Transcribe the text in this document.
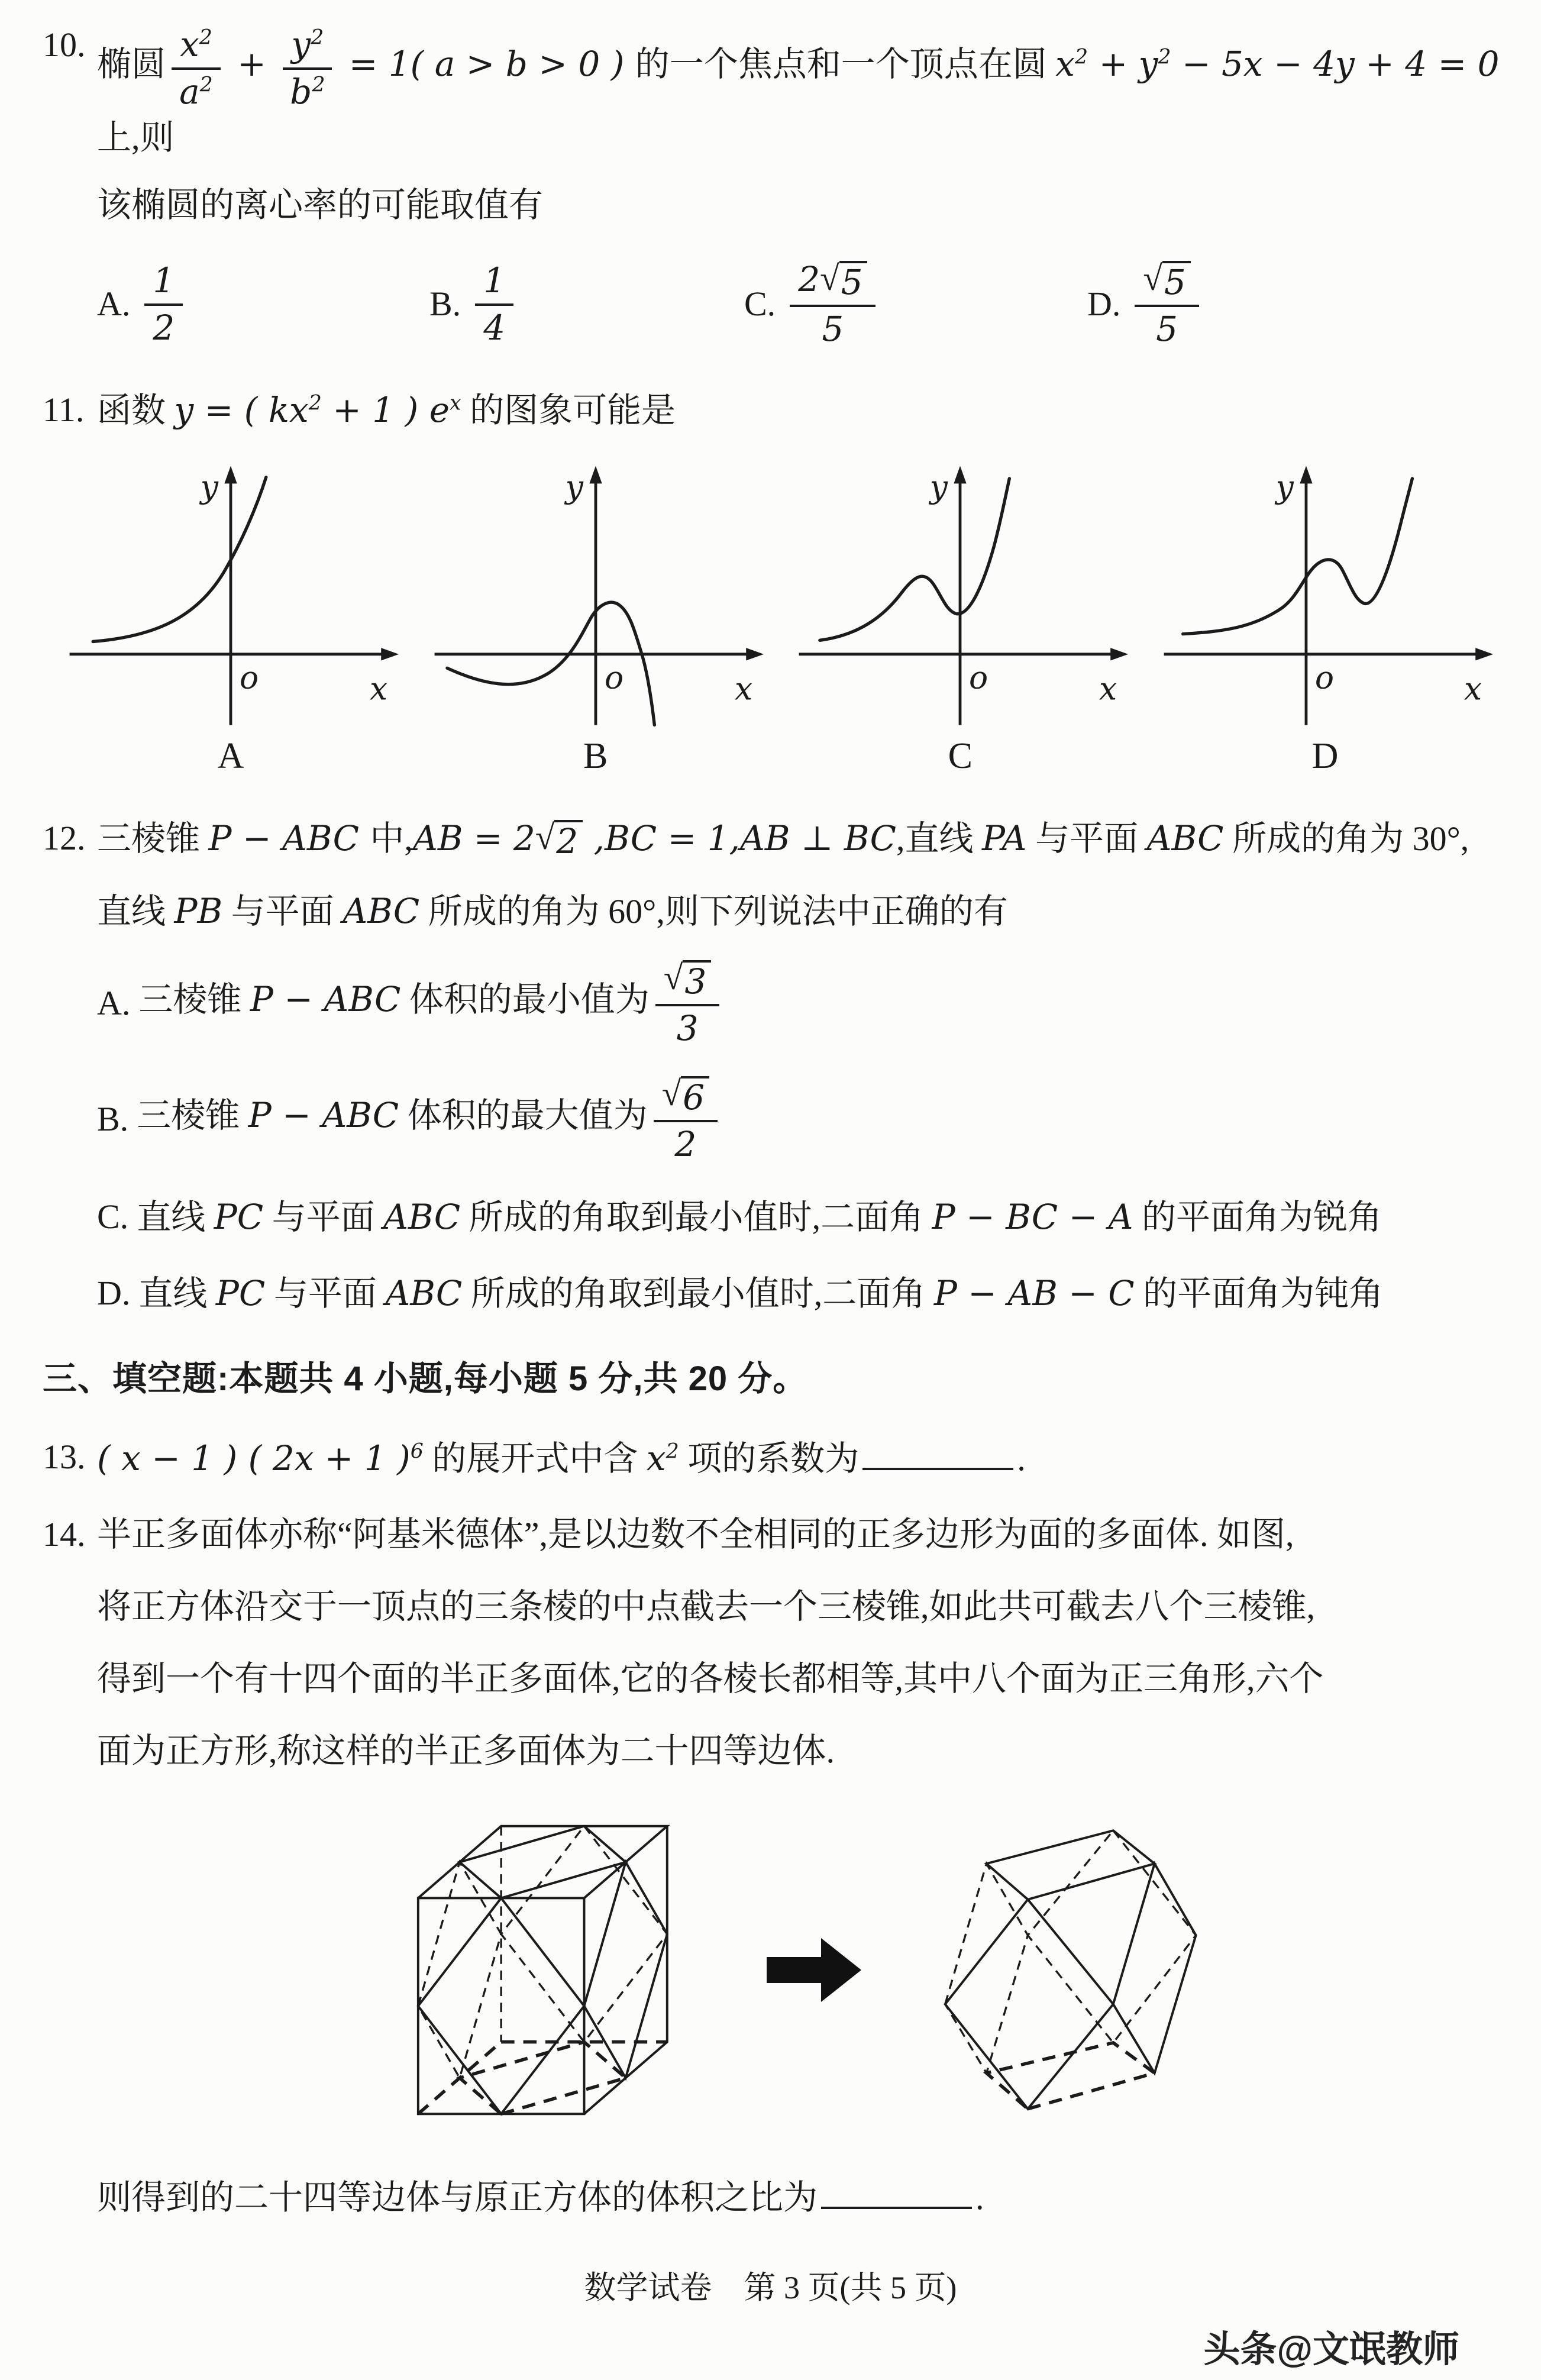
10.
椭圆 $\frac{x^2}{a^2} + \frac{y^2}{b^2} = 1$( a > b > 0 ) 的一个焦点和一个顶点在圆 $x^2 + y^2 - 5x - 4y + 4 = 0$ 上,则
该椭圆的离心率的可能取值有
A. $\frac{1}{2}$	B. $\frac{1}{4}$	C. $\frac{2 √ 5}{5}$	D. $\frac{√ 5}{5}$
11. 函数 y = ( $kx^2 + 1$ ) $e^x$ 的图象可能是
y
o	x
A
y
o	x
B
y
o	x
C
y
o	x
D
12. 三棱锥 P − ABC 中,AB = 2 √ 2 ,BC = 1,AB ⊥ BC,直线 PA 与平面 ABC 所成的角为 30°,
直线 PB 与平面 ABC 所成的角为 60°,则下列说法中正确的有
A. 三棱锥 P − ABC 体积的最小值为 $\frac{√ 3}{3}$
B. 三棱锥 P − ABC 体积的最大值为 $\frac{√ 6}{2}$
C. 直线 PC 与平面 ABC 所成的角取到最小值时,二面角 P − BC − A 的平面角为锐角
D. 直线 PC 与平面 ABC 所成的角取到最小值时,二面角 P − AB − C 的平面角为钝角
三、填空题:本题共 4 小题,每小题 5 分,共 20 分。
13. ( x − 1 ) ( 2x + 1 )$^6$ 的展开式中含 $x^2$ 项的系数为	.
14. 半正多面体亦称“阿基米德体”,是以边数不全相同的正多边形为面的多面体. 如图,
将正方体沿交于一顶点的三条棱的中点截去一个三棱锥,如此共可截去八个三棱锥,
得到一个有十四个面的半正多面体,它的各棱长都相等,其中八个面为正三角形,六个
面为正方形,称这样的半正多面体为二十四等边体.
则得到的二十四等边体与原正方体的体积之比为	.
数学试卷　第 3 页(共 5 页)
头条@文氓教师
